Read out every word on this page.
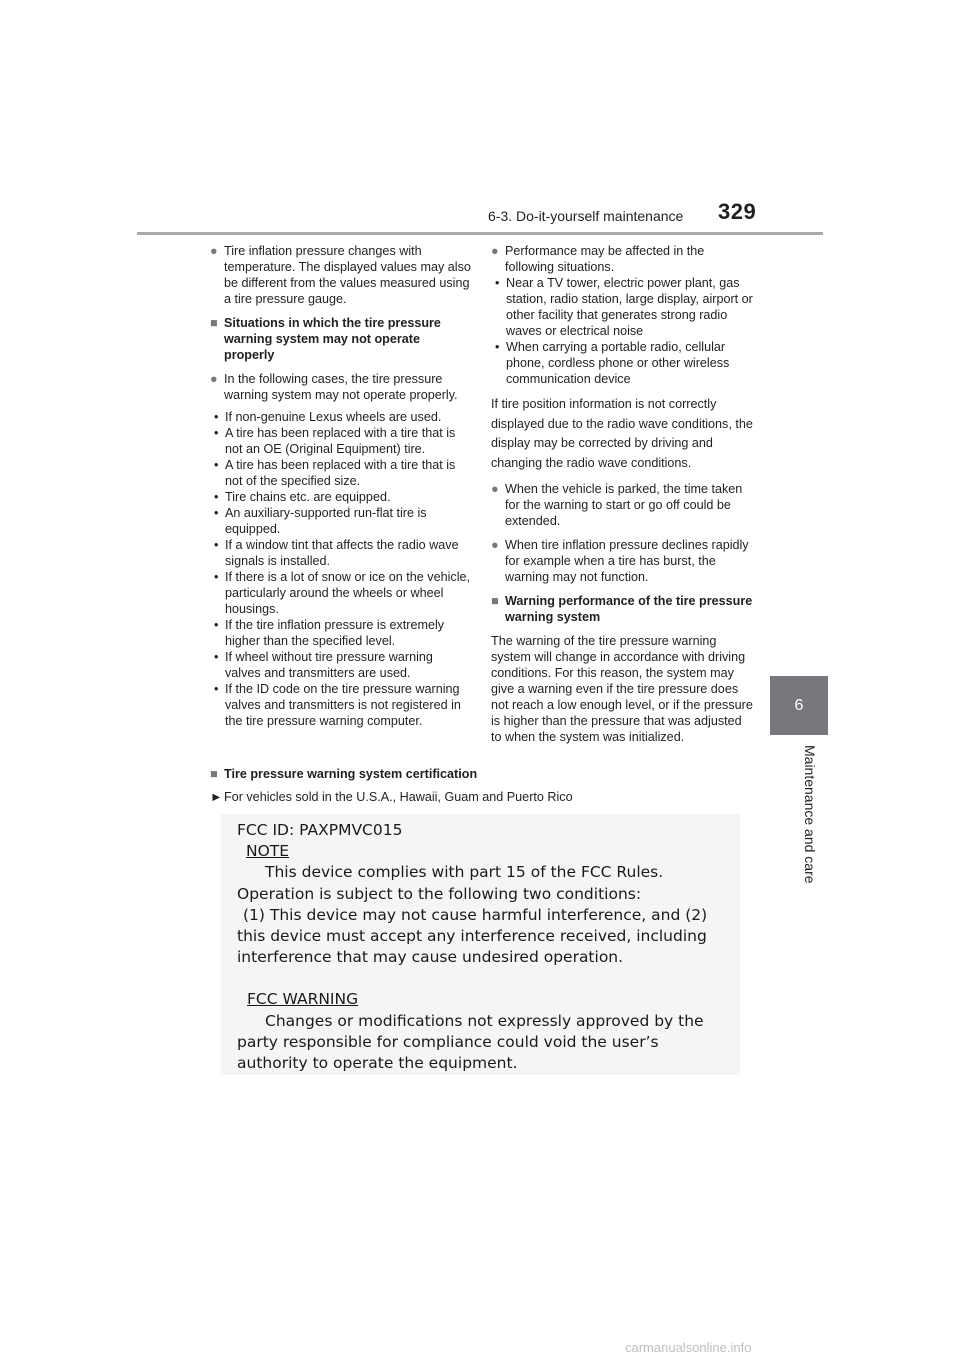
6-3. Do-it-yourself maintenance 329
6
Maintenance and care

● Tire inflation pressure changes with temperature. The displayed values may also be different from the values measured using a tire pressure gauge.

■ Situations in which the tire pressure warning system may not operate properly

● In the following cases, the tire pressure warning system may not operate properly.

• If non-genuine Lexus wheels are used.
• A tire has been replaced with a tire that is not an OE (Original Equipment) tire.
• A tire has been replaced with a tire that is not of the specified size.
• Tire chains etc. are equipped.
• An auxiliary-supported run-flat tire is equipped.
• If a window tint that affects the radio wave signals is installed.
• If there is a lot of snow or ice on the vehicle, particularly around the wheels or wheel housings.
• If the tire inflation pressure is extremely higher than the specified level.
• If wheel without tire pressure warning valves and transmitters are used.
• If the ID code on the tire pressure warning valves and transmitters is not registered in the tire pressure warning computer.

● Performance may be affected in the following situations.

• Near a TV tower, electric power plant, gas station, radio station, large display, airport or other facility that generates strong radio waves or electrical noise
• When carrying a portable radio, cellular phone, cordless phone or other wireless communication device

If tire position information is not correctly displayed due to the radio wave conditions, the display may be corrected by driving and changing the radio wave conditions.

● When the vehicle is parked, the time taken for the warning to start or go off could be extended.

● When tire inflation pressure declines rapidly for example when a tire has burst, the warning may not function.

■ Warning performance of the tire pressure warning system

The warning of the tire pressure warning system will change in accordance with driving conditions. For this reason, the system may give a warning even if the tire pressure does not reach a low enough level, or if the pressure is higher than the pressure that was adjusted to when the system was initialized.

■ Tire pressure warning system certification
► For vehicles sold in the U.S.A., Hawaii, Guam and Puerto Rico
FCC ID: PAXPMVC015
NOTE
This device complies with part 15 of the FCC Rules.
Operation is subject to the following two conditions:
(1) This device may not cause harmful interference, and (2)
this device must accept any interference received, including
interference that may cause undesired operation.
FCC WARNING
Changes or modifications not expressly approved by the
party responsible for compliance could void the user’s
authority to operate the equipment.
carmanualsonline.info
